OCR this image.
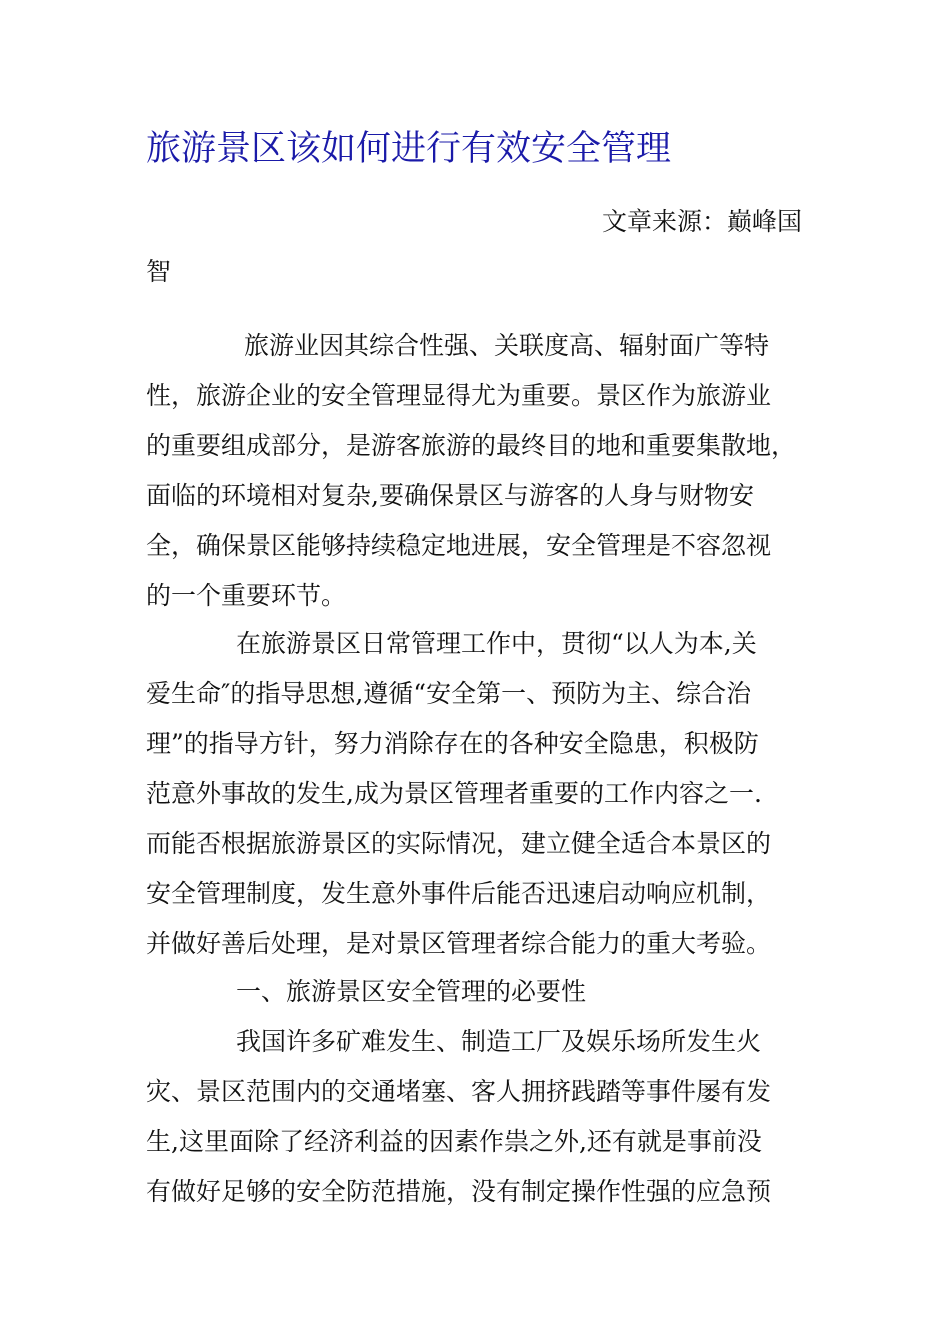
旅游景区该如何进行有效安全管理
文章来源：巅峰国
智
旅游业因其综合性强、关联度高、辐射面广等特
性，旅游企业的安全管理显得尤为重要。景区作为旅游业
的重要组成部分，是游客旅游的最终目的地和重要集散地，
面临的环境相对复杂,要确保景区与游客的人身与财物安
全，确保景区能够持续稳定地进展，安全管理是不容忽视
的一个重要环节。
在旅游景区日常管理工作中，贯彻“以人为本,关
爱生命″的指导思想,遵循“安全第一、预防为主、综合治
理”的指导方针，努力消除存在的各种安全隐患，积极防
范意外事故的发生,成为景区管理者重要的工作内容之一.
而能否根据旅游景区的实际情况，建立健全适合本景区的
安全管理制度，发生意外事件后能否迅速启动响应机制，
并做好善后处理，是对景区管理者综合能力的重大考验。
一、旅游景区安全管理的必要性
我国许多矿难发生、制造工厂及娱乐场所发生火
灾、景区范围内的交通堵塞、客人拥挤践踏等事件屡有发
生,这里面除了经济利益的因素作祟之外,还有就是事前没
有做好足够的安全防范措施，没有制定操作性强的应急预
